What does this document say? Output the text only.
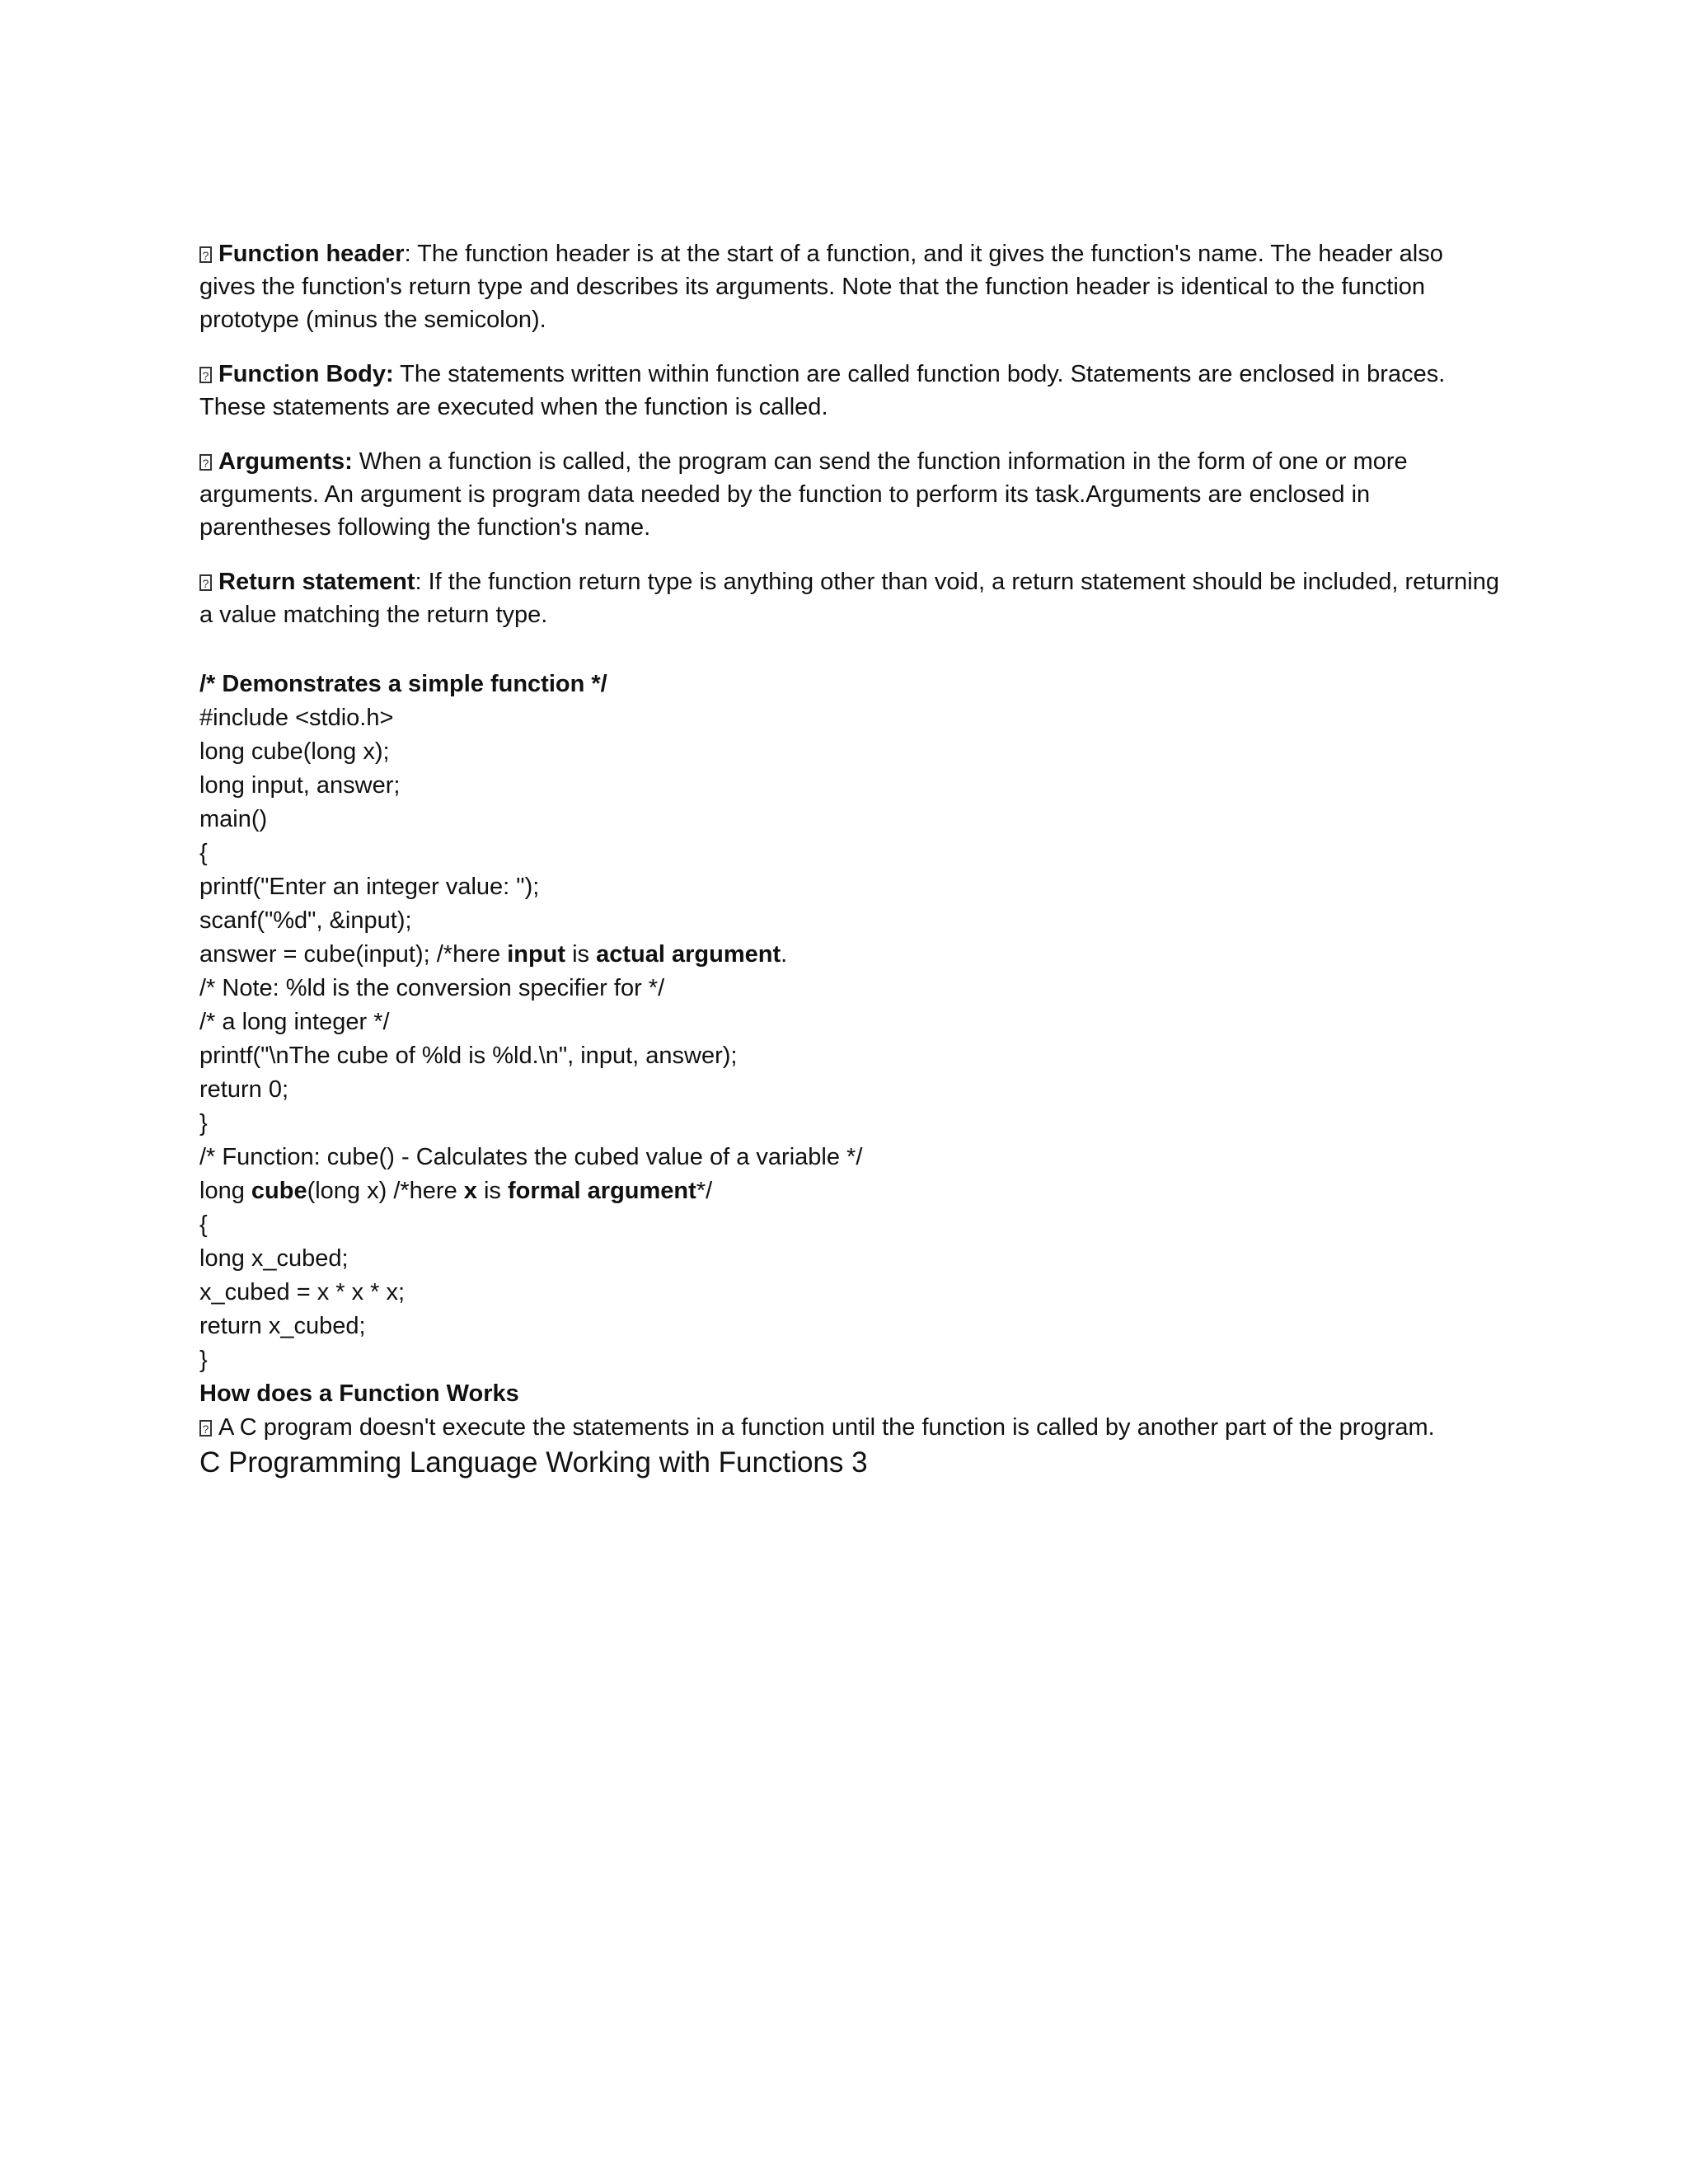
?Function header: The function header is at the start of a function, and it gives the function's name. The header also gives the function's return type and describes its arguments. Note that the function header is identical to the function prototype (minus the semicolon).

?Function Body: The statements written within function are called function body. Statements are enclosed in braces. These statements are executed when the function is called.

?Arguments: When a function is called, the program can send the function information in the form of one or more arguments. An argument is program data needed by the function to perform its task.Arguments are enclosed in parentheses following the function's name.

?Return statement: If the function return type is anything other than void, a return statement should be included, returning a value matching the return type.

/* Demonstrates a simple function */
#include <stdio.h>
long cube(long x);
long input, answer;
main()
{
printf("Enter an integer value: ");
scanf("%d", &input);
answer = cube(input); /*here input is actual argument.
/* Note: %ld is the conversion specifier for */
/* a long integer */
printf("\nThe cube of %ld is %ld.\n", input, answer);
return 0;
}
/* Function: cube() - Calculates the cubed value of a variable */
long cube(long x) /*here x is formal argument*/
{
long x_cubed;
x_cubed = x * x * x;
return x_cubed;
}
How does a Function Works
?A C program doesn't execute the statements in a function until the function is called by another part of the program.
C Programming Language Working with Functions 3
